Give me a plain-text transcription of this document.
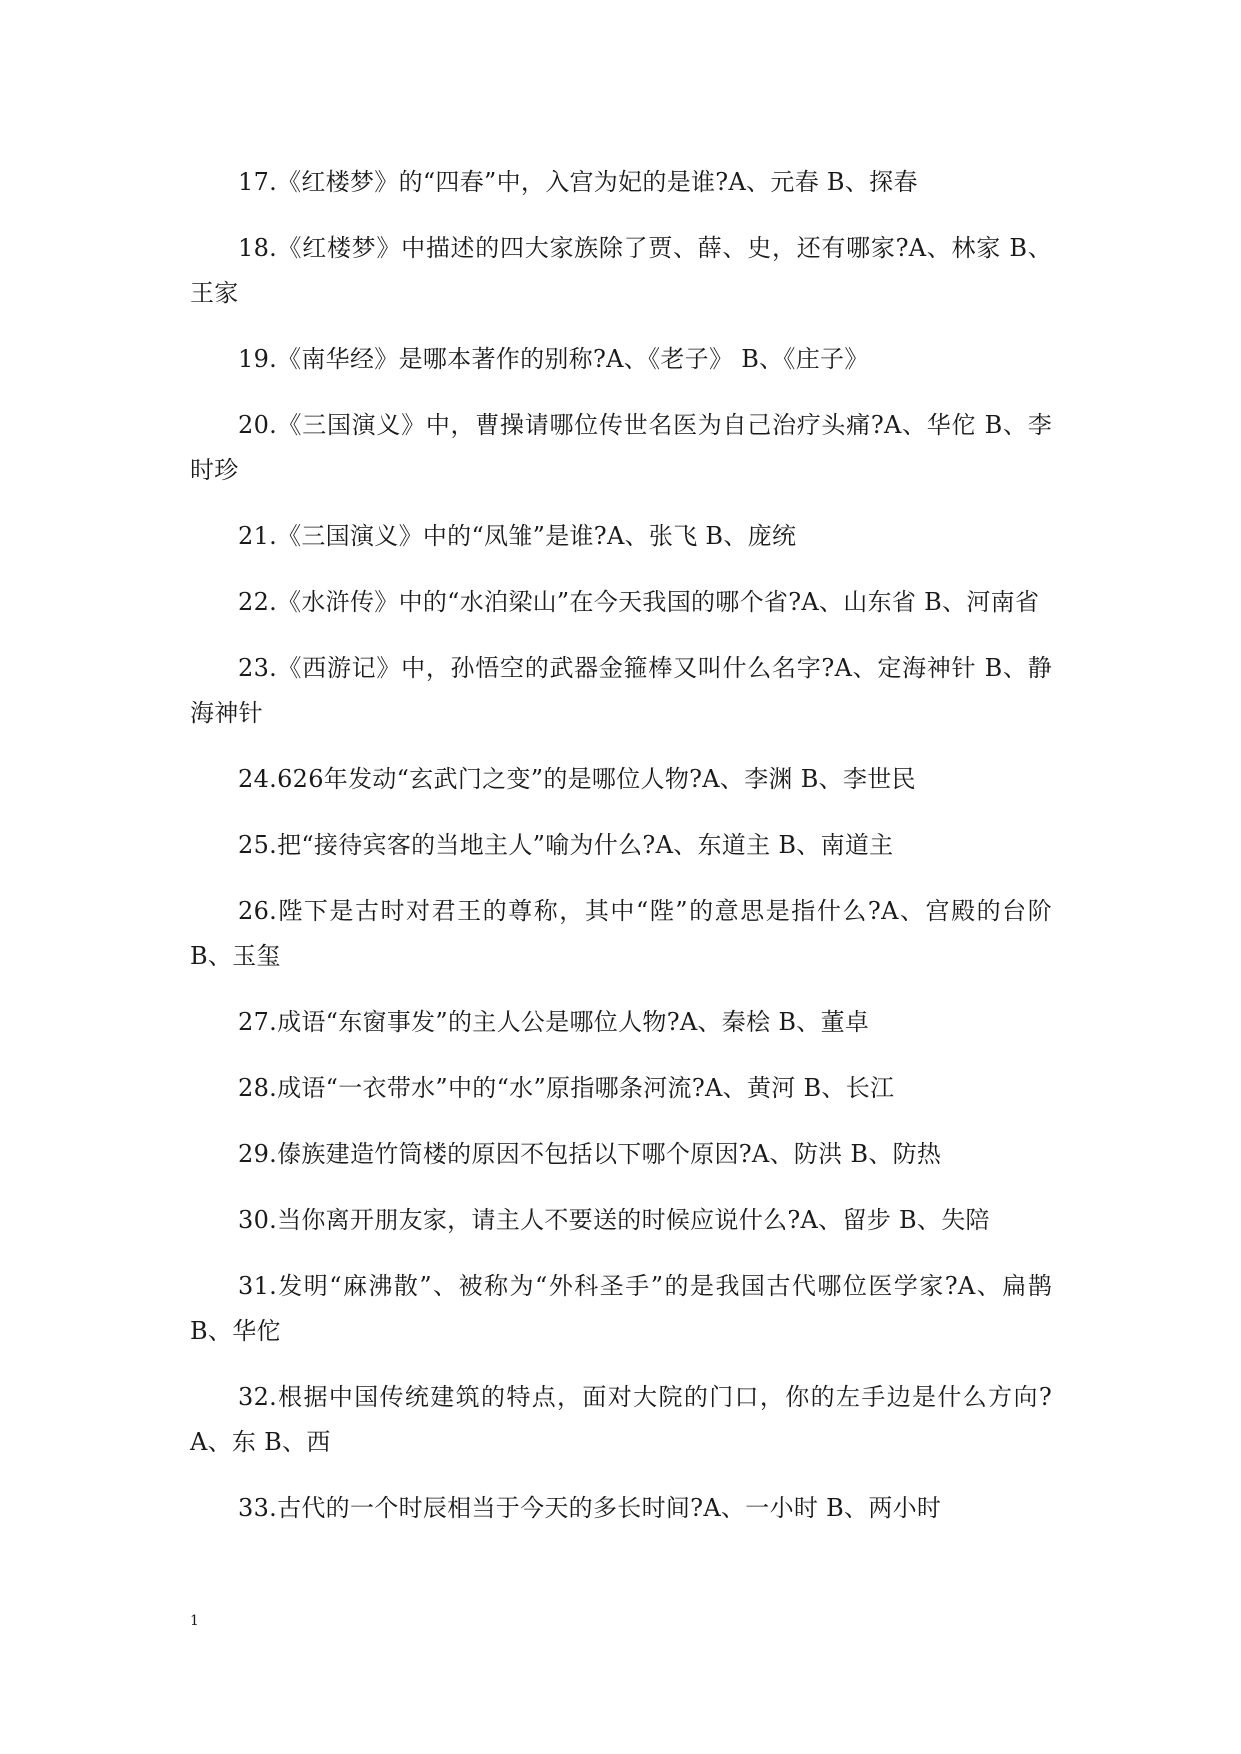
17.《红楼梦》的“四春”中，入宫为妃的是谁?A、元春 B、探春
18.《红楼梦》中描述的四大家族除了贾、薛、史，还有哪家?A、林家 B、王家
19.《南华经》是哪本著作的别称?A、《老子》 B、《庄子》
20.《三国演义》中，曹操请哪位传世名医为自己治疗头痛?A、华佗 B、李时珍
21.《三国演义》中的“凤雏”是谁?A、张飞 B、庞统
22.《水浒传》中的“水泊梁山”在今天我国的哪个省?A、山东省 B、河南省
23.《西游记》中，孙悟空的武器金箍棒又叫什么名字?A、定海神针 B、静海神针
24.626年发动“玄武门之变”的是哪位人物?A、李渊 B、李世民
25.把“接待宾客的当地主人”喻为什么?A、东道主 B、南道主
26.陛下是古时对君王的尊称，其中“陛”的意思是指什么?A、宫殿的台阶 B、玉玺
27.成语“东窗事发”的主人公是哪位人物?A、秦桧 B、董卓
28.成语“一衣带水”中的“水”原指哪条河流?A、黄河 B、长江
29.傣族建造竹筒楼的原因不包括以下哪个原因?A、防洪 B、防热
30.当你离开朋友家，请主人不要送的时候应说什么?A、留步 B、失陪
31.发明“麻沸散”、被称为“外科圣手”的是我国古代哪位医学家?A、扁鹊 B、华佗
32.根据中国传统建筑的特点，面对大院的门口，你的左手边是什么方向?A、东 B、西
33.古代的一个时辰相当于今天的多长时间?A、一小时 B、两小时
1
